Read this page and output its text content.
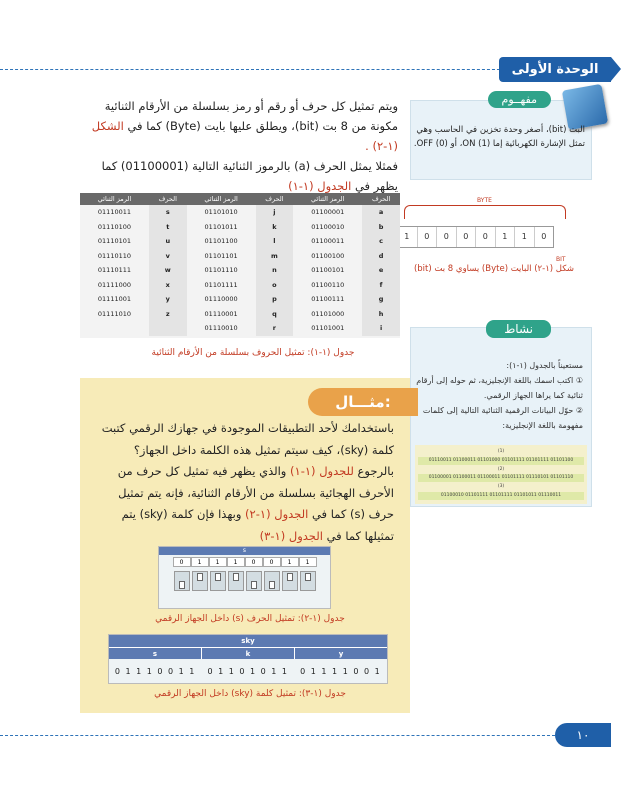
الوحدة الأولى
ويتم تمثيل كل حرف أو رقم أو رمز بسلسلة من الأرقام الثنائية
مكونة من 8 بت (bit)، ويطلق عليها بايت (Byte) كما في الشكل (١-٢) .
فمثلا يمثل الحرف (a) بالرموز الثنائية التالية (01100001) كما
يظهر في الجدول (١-١)
مفهــوم
البت (bit)، أصغر وحدة تخزين في الحاسب وهي تمثل الإشارة الكهربائية إما ON (1)، أو OFF (0).
BYTE
1	0	0	0	0	1	1	0
BIT
شكل (١-٢) البايت (Byte) يساوي 8 بت (bit)
الرمز الثنائي	الحرف	الرمز الثنائي	الحرف	الرمز الثنائي	الحرف
01110011	s	01101010	j	01100001	a
01110100	t	01101011	k	01100010	b
01110101	u	01101100	l	01100011	c
01110110	v	01101101	m	01100100	d
01110111	w	01101110	n	01100101	e
01111000	x	01101111	o	01100110	f
01111001	y	01110000	p	01100111	g
01111010	z	01110001	q	01101000	h
		01110010	r	01101001	i
جدول (١-١): تمثيل الحروف بسلسلة من الأرقام الثنائية
نشاط
مستعيناً بالجدول (١-١):
① اكتب اسمك باللغة الإنجليزية، ثم حوله إلى أرقام ثنائية كما يراها الجهاز الرقمي.
② حوّل البيانات الرقمية الثنائية التالية إلى كلمات مفهومة باللغة الإنجليزية:
(1)
01110011 01100011 01101000 01101111 01101111 01101100
(2)
01100001 01100011 01100011 01101111 01110101 01101110
(3)
01100010 01101111 01101111 01101011 01110011
مثـــال:
باستخدامك لأحد التطبيقات الموجودة في جهازك الرقمي كتبت كلمة (sky)، كيف سيتم تمثيل هذه الكلمة داخل الجهاز؟ بالرجوع للجدول (١-١) والذي يظهر فيه تمثيل كل حرف من الأحرف الهجائية بسلسلة من الأرقام الثنائية، فإنه يتم تمثيل حرف (s) كما في الجدول (١-٢) وبهذا فإن كلمة (sky) يتم تمثيلها كما في الجدول (١-٣)
s
0	1	1	1	0	0	1	1
جدول (١-٢): تمثيل الحرف (s) داخل الجهاز الرقمي
sky
s	k	y
0 1 1 1 0 0 1 1	0 1 1 0 1 0 1 1	0 1 1 1 1 0 0 1
جدول (١-٣): تمثيل كلمة (sky) داخل الجهاز الرقمي
١٠
